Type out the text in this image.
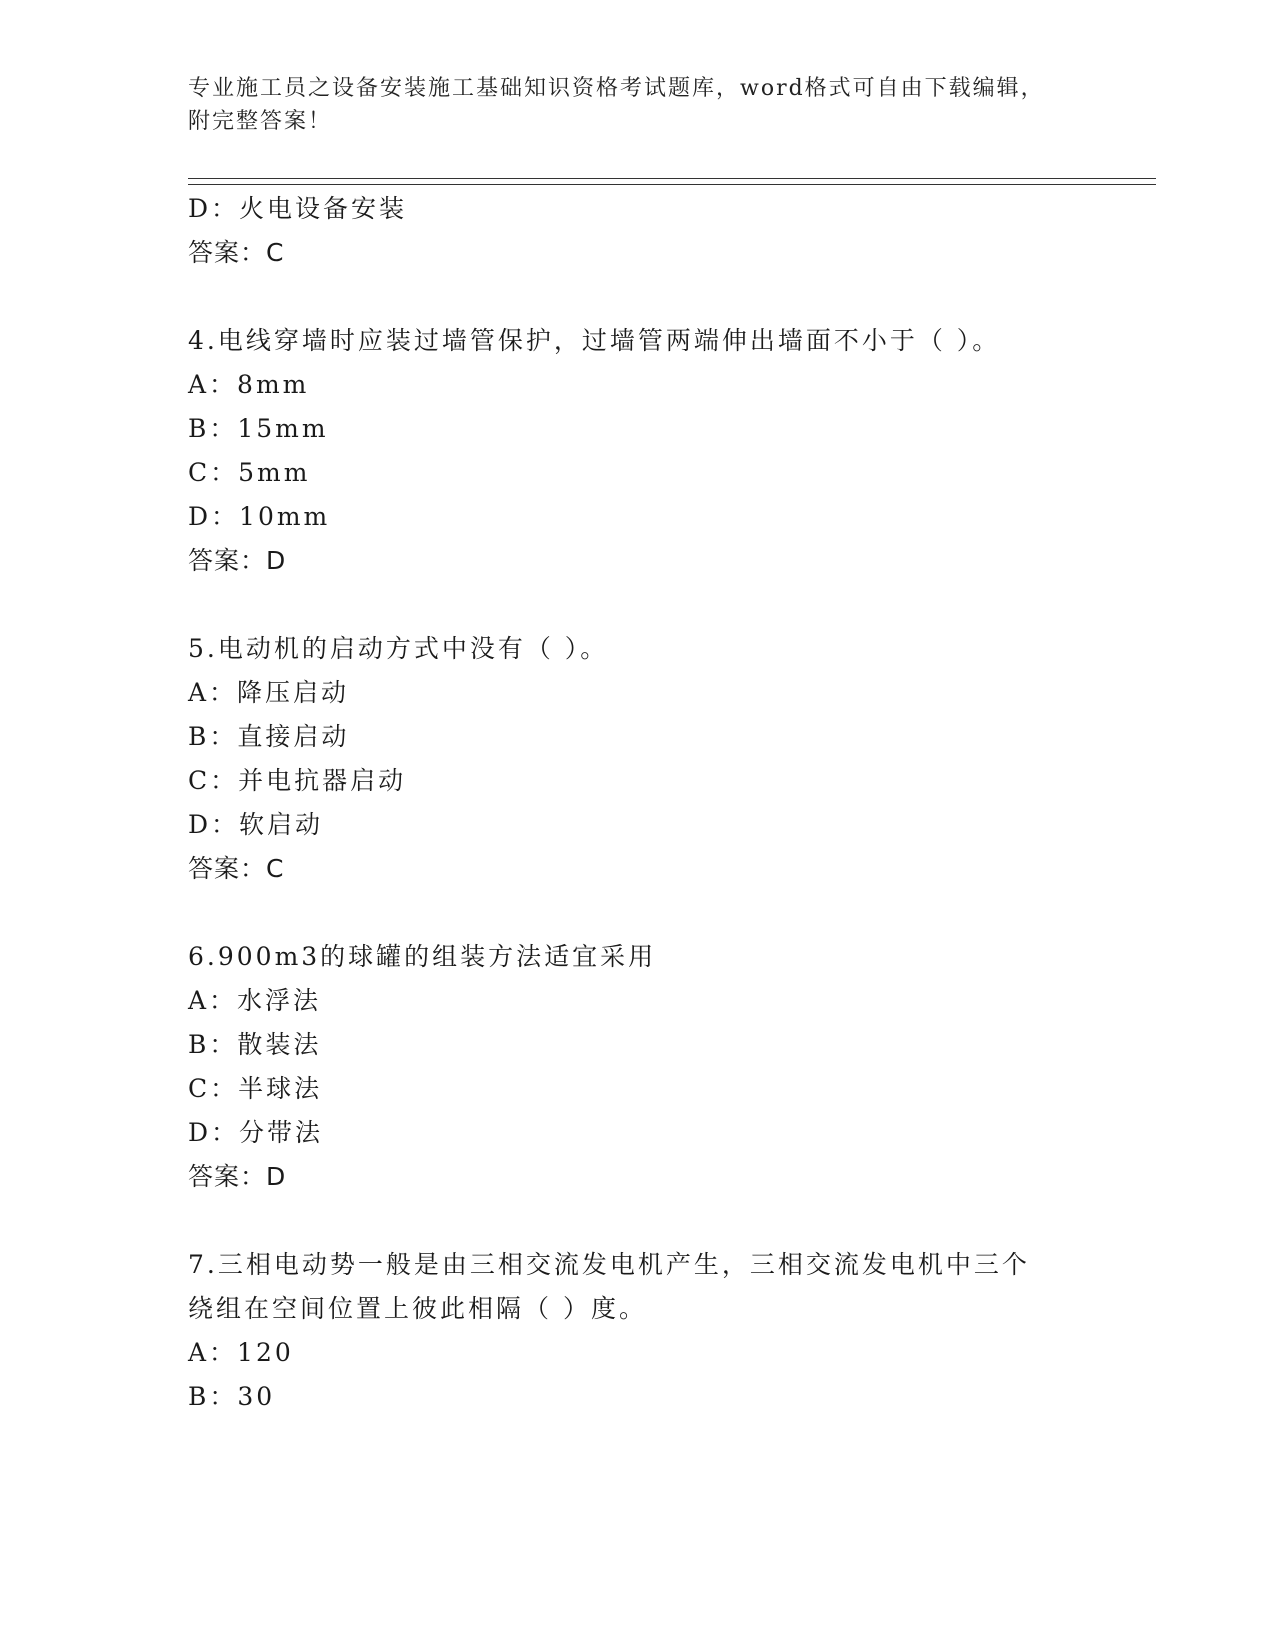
专业施工员之设备安装施工基础知识资格考试题库，word格式可自由下载编辑，
附完整答案！
D：火电设备安装
答案：C
4.电线穿墙时应装过墙管保护，过墙管两端伸出墙面不小于（ ）。
A：8mm
B：15mm
C：5mm
D：10mm
答案：D
5.电动机的启动方式中没有（ ）。
A：降压启动
B：直接启动
C：并电抗器启动
D：软启动
答案：C
6.900m3的球罐的组装方法适宜采用
A：水浮法
B：散装法
C：半球法
D：分带法
答案：D
7.三相电动势一般是由三相交流发电机产生，三相交流发电机中三个
绕组在空间位置上彼此相隔（ ）度。
A：120
B：30
